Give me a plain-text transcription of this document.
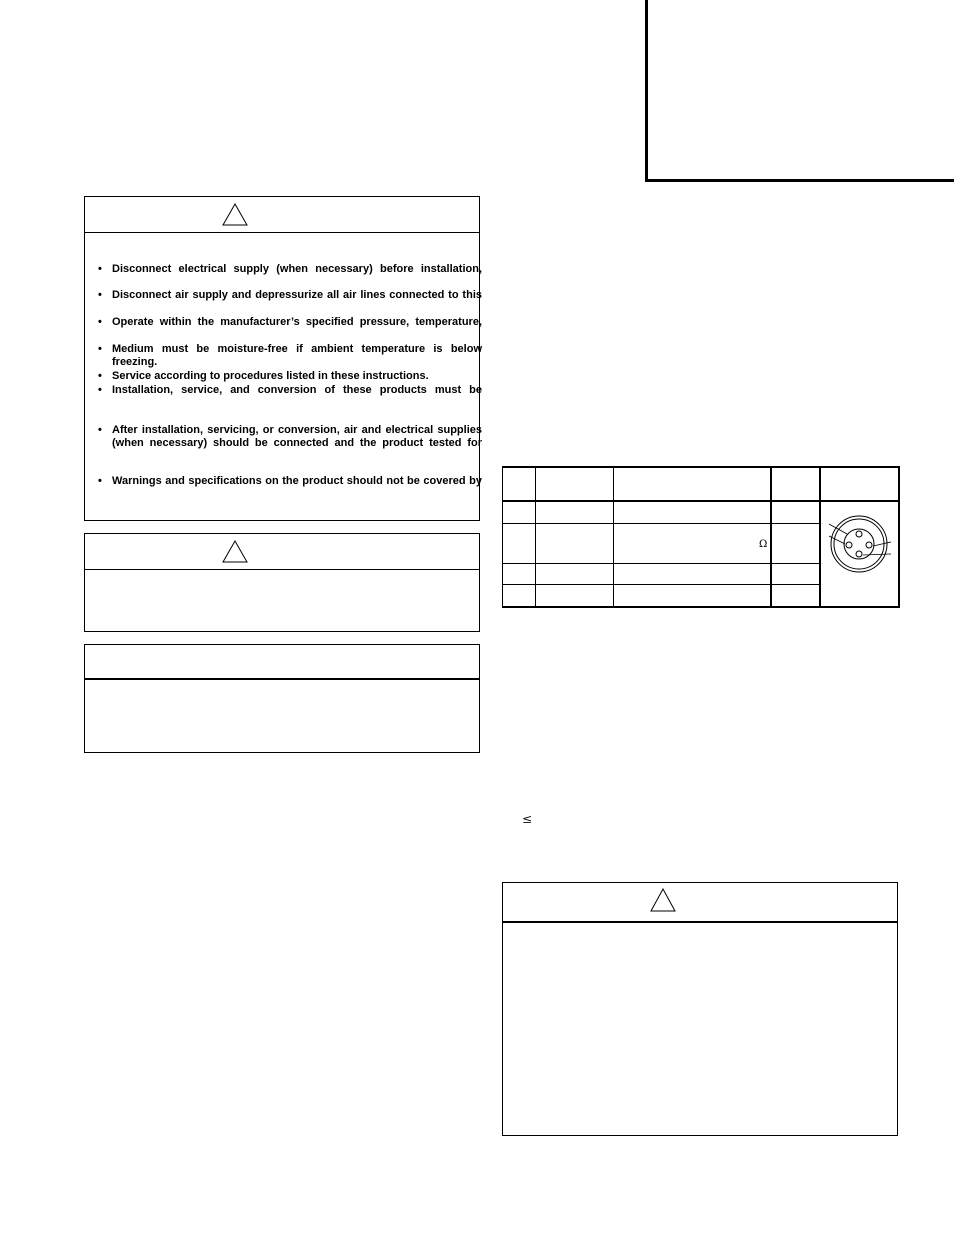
• Disconnect electrical supply (when necessary) before installation,
• Disconnect air supply and depressurize all air lines connected to this
• Operate within the manufacturer’s specified pressure, temperature,
• Medium must be moisture-free if ambient temperature is below freezing.
• Service according to procedures listed in these instructions.
• Installation, service, and conversion of these products must be
• After installation, servicing, or conversion, air and electrical supplies (when necessary) should be connected and the product tested for
• Warnings and specifications on the product should not be covered by
Ω
≤
